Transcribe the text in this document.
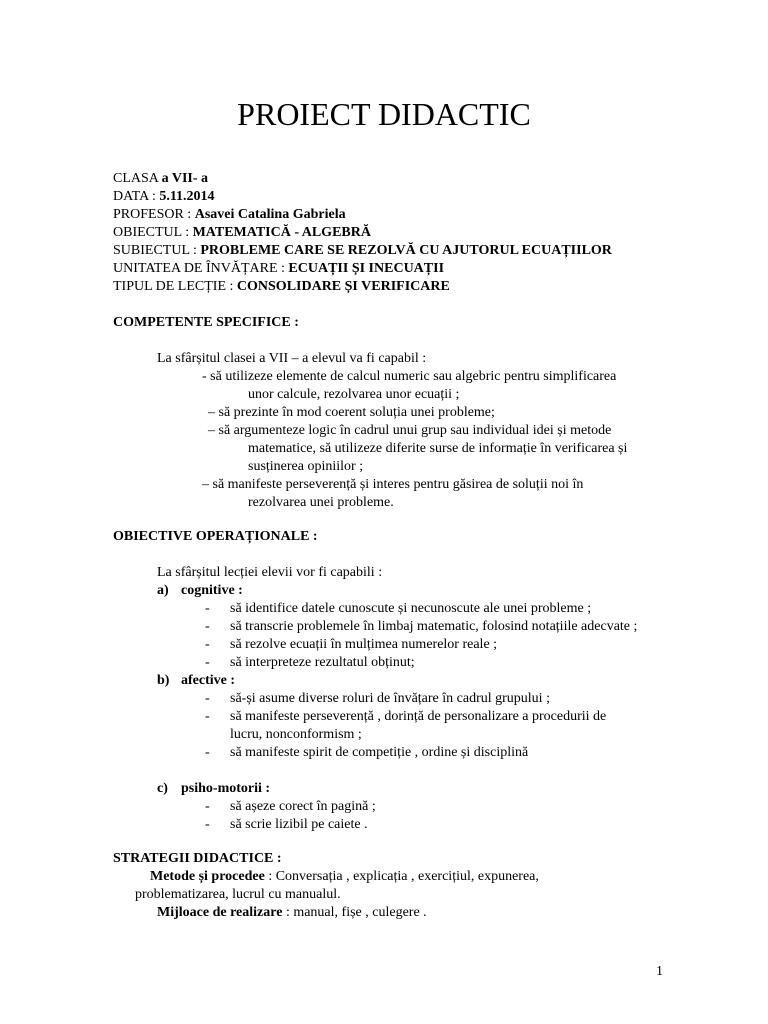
PROIECT DIDACTIC
CLASA a VII- a
DATA : 5.11.2014
PROFESOR : Asavei Catalina Gabriela
OBIECTUL : MATEMATICĂ - ALGEBRĂ
SUBIECTUL : PROBLEME CARE SE REZOLVĂ CU AJUTORUL ECUAȚIILOR
UNITATEA DE ÎNVĂȚARE : ECUAȚII ȘI INECUAȚII
TIPUL DE LECȚIE : CONSOLIDARE ȘI VERIFICARE
COMPETENTE SPECIFICE :
La sfârșitul clasei a VII – a elevul va fi capabil :
- să utilizeze elemente de calcul numeric sau algebric pentru simplificarea
unor calcule, rezolvarea unor ecuații ;
– să prezinte în mod coerent soluția unei probleme;
– să argumenteze logic în cadrul unui grup sau individual idei și metode
matematice, să utilizeze diferite surse de informație în verificarea și
susținerea opiniilor ;
– să manifeste perseverență și interes pentru găsirea de soluții noi în
rezolvarea unei probleme.
OBIECTIVE OPERAȚIONALE :
La sfârșitul lecției elevii vor fi capabili :
a) cognitive :
- să identifice datele cunoscute și necunoscute ale unei probleme ;
- să transcrie problemele în limbaj matematic, folosind notațiile adecvate ;
- să rezolve ecuații în mulțimea numerelor reale ;
- să interpreteze rezultatul obținut;
b) afective :
- să-și asume diverse roluri de învățare în cadrul grupului ;
- să manifeste perseverență , dorință de personalizare a procedurii de
lucru, nonconformism ;
- să manifeste spirit de competiție , ordine și disciplină
c) psiho-motorii :
- să așeze corect în pagină ;
- să scrie lizibil pe caiete .
STRATEGII DIDACTICE :
Metode și procedee : Conversația , explicația , exercițiul, expunerea,
problematizarea, lucrul cu manualul.
Mijloace de realizare : manual, fișe , culegere .
1
